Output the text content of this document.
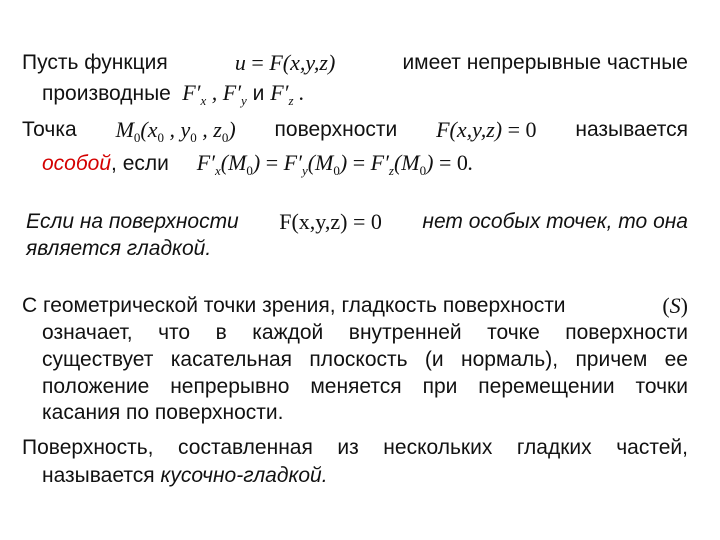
Пусть функция	u = F(x,y,z)	имеет непрерывные частные
производные  $F'_x$ , $F'_y$ и $F'_z$ .
Точка $M_0(x_0$ , $y_0$ , $z_0$) поверхности F(x,y,z) = 0 называется
особой, если $F'_x(M_0) = F'_y(M_0) = F'_z(M_0) = 0$.
Если на поверхности F(x,y,z) = 0 нет особых точек, то она
является гладкой.
С геометрической точки зрения, гладкость поверхности	(S)
означает, что в каждой внутренней точке поверхности
существует касательная плоскость (и нормаль), причем ее
положение непрерывно меняется при перемещении точки
касания по поверхности.
Поверхность, составленная из нескольких гладких частей,
называется кусочно-гладкой.
